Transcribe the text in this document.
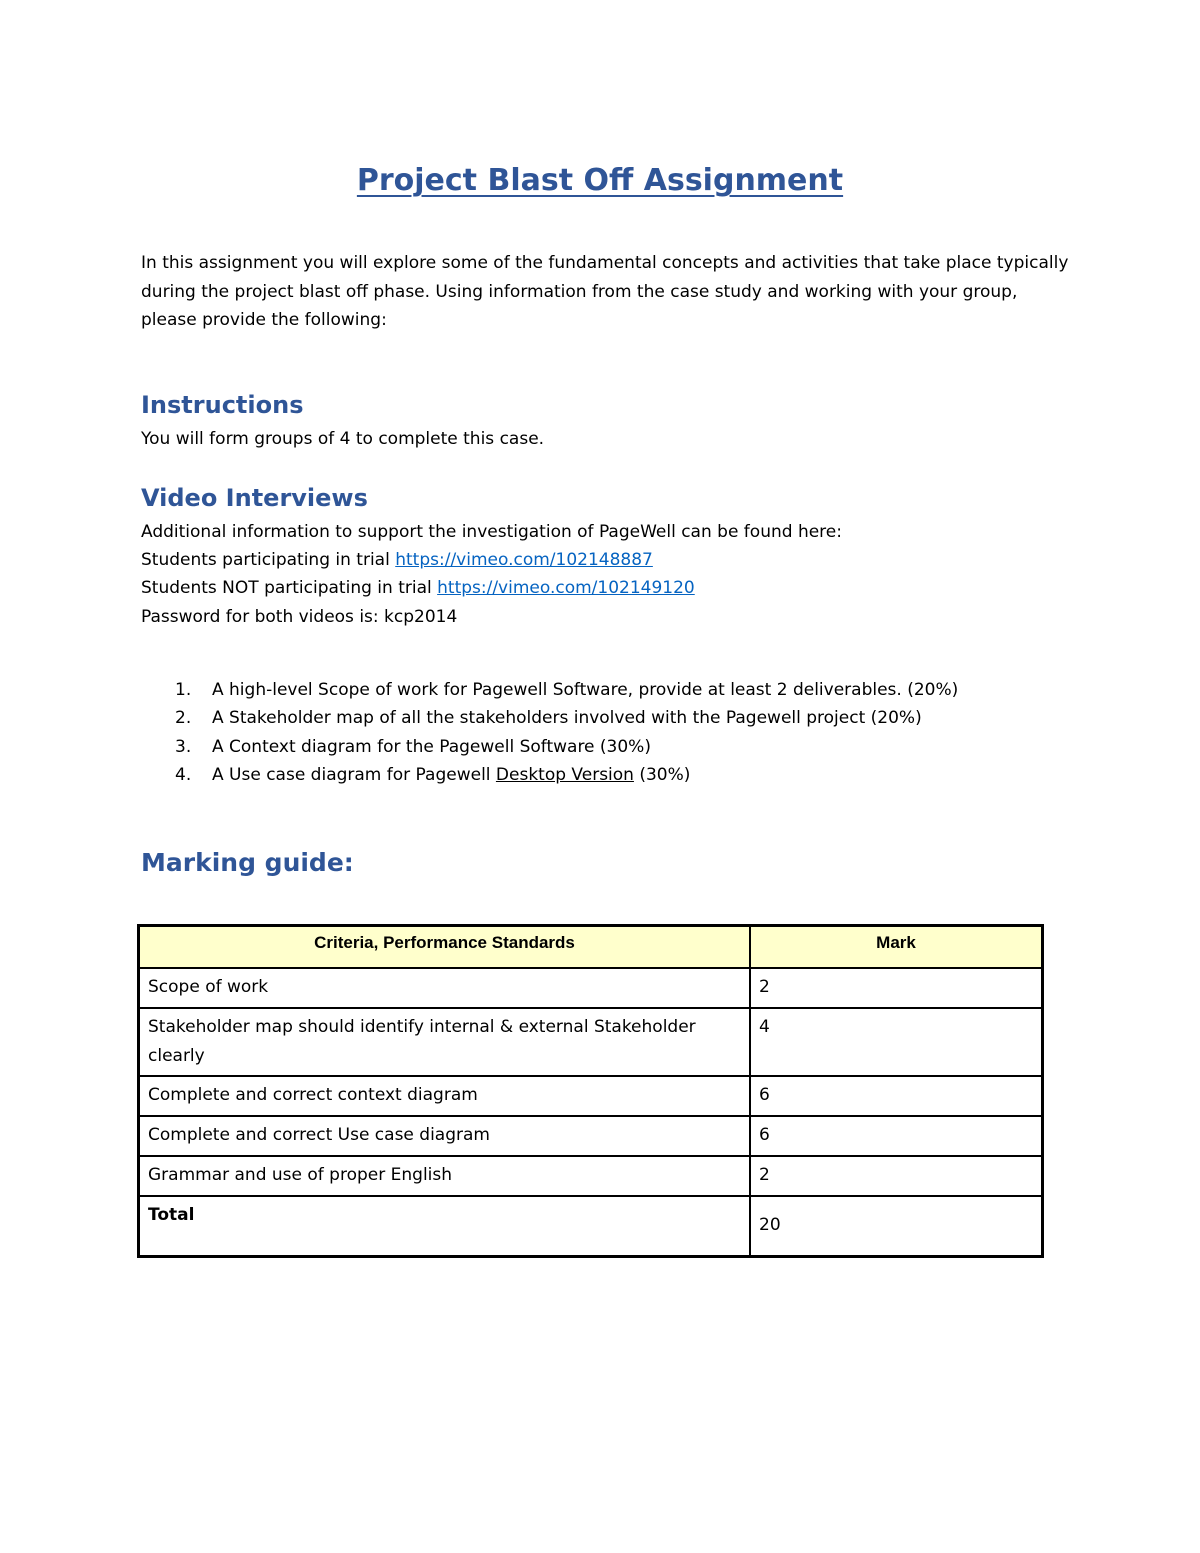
Project Blast Off Assignment

In this assignment you will explore some of the fundamental concepts and activities that take place typically during the project blast off phase. Using information from the case study and working with your group, please provide the following:

Instructions

You will form groups of 4 to complete this case.

Video Interviews

Additional information to support the investigation of PageWell can be found here:

Students participating in trial https://vimeo.com/102148887

Students NOT participating in trial https://vimeo.com/102149120

Password for both videos is: kcp2014

1. A high-level Scope of work for Pagewell Software, provide at least 2 deliverables. (20%)
2. A Stakeholder map of all the stakeholders involved with the Pagewell project (20%)
3. A Context diagram for the Pagewell Software (30%)
4. A Use case diagram for Pagewell Desktop Version (30%)
Marking guide:
Criteria, Performance Standards	Mark
Scope of work	2
Stakeholder map should identify internal & external Stakeholder clearly	4
Complete and correct context diagram	6
Complete and correct Use case diagram	6
Grammar and use of proper English	2
Total	20
